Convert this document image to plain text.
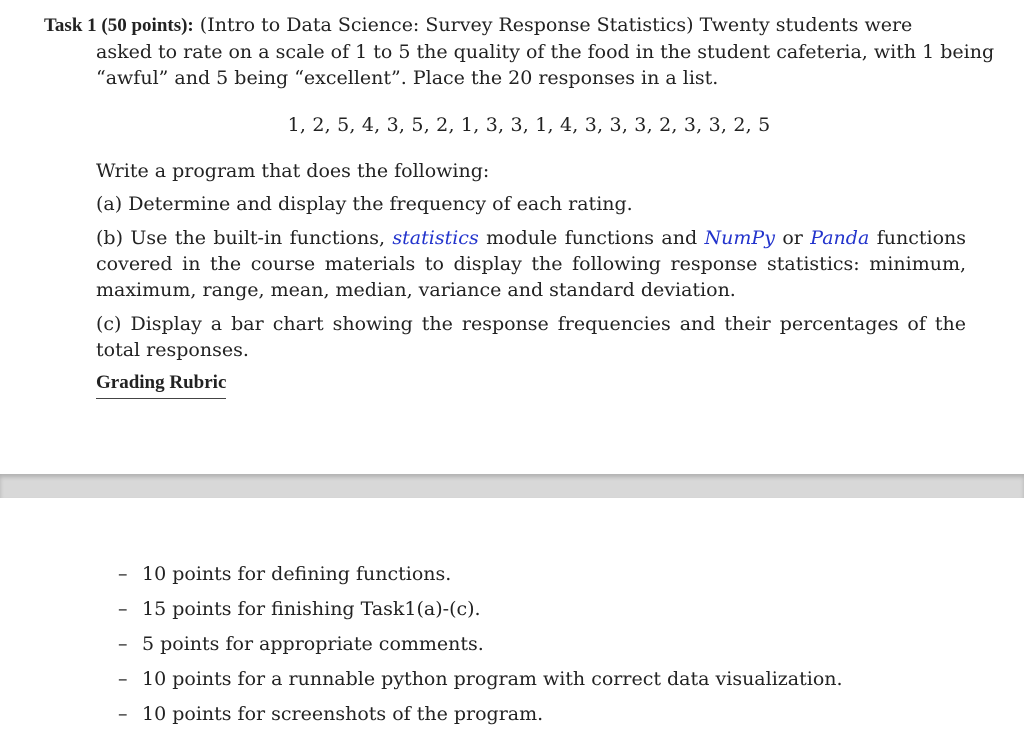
Task 1 (50 points): (Intro to Data Science: Survey Response Statistics) Twenty students were
asked to rate on a scale of 1 to 5 the quality of the food in the student cafeteria, with 1 being
“awful” and 5 being “excellent”. Place the 20 responses in a list.
1, 2, 5, 4, 3, 5, 2, 1, 3, 3, 1, 4, 3, 3, 3, 2, 3, 3, 2, 5
Write a program that does the following:
(a) Determine and display the frequency of each rating.
(b) Use the built-in functions, statistics module functions and NumPy or Panda functions covered in the course materials to display the following response statistics: minimum, maximum, range, mean, median, variance and standard deviation.
(c) Display a bar chart showing the response frequencies and their percentages of the total responses.
Grading Rubric
– 10 points for defining functions.
– 15 points for finishing Task1(a)-(c).
– 5 points for appropriate comments.
– 10 points for a runnable python program with correct data visualization.
– 10 points for screenshots of the program.
